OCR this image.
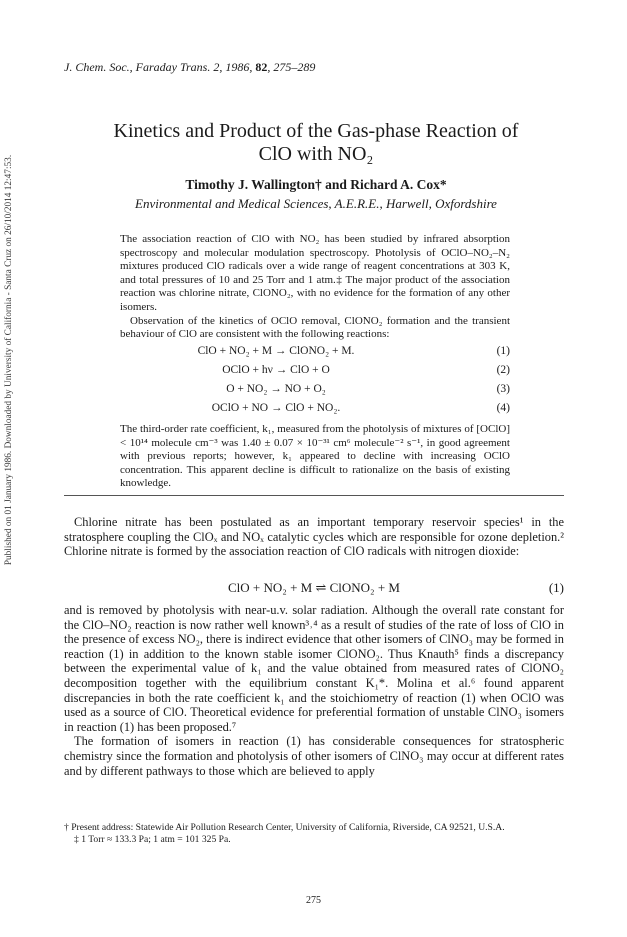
Published on 01 January 1986. Downloaded by University of California - Santa Cruz on 26/10/2014 12:47:53.
J. Chem. Soc., Faraday Trans. 2, 1986, 82, 275–289
Kinetics and Product of the Gas-phase Reaction of
ClO with NO₂
Timothy J. Wallington† and Richard A. Cox*
Environmental and Medical Sciences, A.E.R.E., Harwell, Oxfordshire

The association reaction of ClO with NO₂ has been studied by infrared absorption spectroscopy and molecular modulation spectroscopy. Photolysis of OClO–NO₂–N₂ mixtures produced ClO radicals over a wide range of reagent concentrations at 303 K, and total pressures of 10 and 25 Torr and 1 atm.‡ The major product of the association reaction was chlorine nitrate, ClONO₂, with no evidence for the formation of any other isomers.

Observation of the kinetics of OClO removal, ClONO₂ formation and the transient behaviour of ClO are consistent with the following reactions:

ClO + NO₂ + M → ClONO₂ + M.	(1)
OClO + hν → ClO + O	(2)
O + NO₂ → NO + O₂	(3)
OClO + NO → ClO + NO₂.	(4)

The third-order rate coefficient, k₁, measured from the photolysis of mixtures of [OClO] < 10¹⁴ molecule cm⁻³ was 1.40 ± 0.07 × 10⁻³¹ cm⁶ molecule⁻² s⁻¹, in good agreement with previous reports; however, k₁ appeared to decline with increasing OClO concentration. This apparent decline is difficult to rationalize on the basis of existing knowledge.

Chlorine nitrate has been postulated as an important temporary reservoir species¹ in the stratosphere coupling the ClOₓ and NOₓ catalytic cycles which are responsible for ozone depletion.² Chlorine nitrate is formed by the association reaction of ClO radicals with nitrogen dioxide:

ClO + NO₂ + M ⇌ ClONO₂ + M	(1)

and is removed by photolysis with near-u.v. solar radiation. Although the overall rate constant for the ClO–NO₂ reaction is now rather well known³˒⁴ as a result of studies of the rate of loss of ClO in the presence of excess NO₂, there is indirect evidence that other isomers of ClNO₃ may be formed in reaction (1) in addition to the known stable isomer ClONO₂. Thus Knauth⁵ finds a discrepancy between the experimental value of k₁ and the value obtained from measured rates of ClONO₂ decomposition together with the equilibrium constant K₁*. Molina et al.⁶ found apparent discrepancies in both the rate coefficient k₁ and the stoichiometry of reaction (1) when OClO was used as a source of ClO. Theoretical evidence for preferential formation of unstable ClNO₃ isomers in reaction (1) has been proposed.⁷

The formation of isomers in reaction (1) has considerable consequences for stratospheric chemistry since the formation and photolysis of other isomers of ClNO₃ may occur at different rates and by different pathways to those which are believed to apply

† Present address: Statewide Air Pollution Research Center, University of California, Riverside, CA 92521, U.S.A.

‡ 1 Torr ≈ 133.3 Pa; 1 atm = 101 325 Pa.

275
